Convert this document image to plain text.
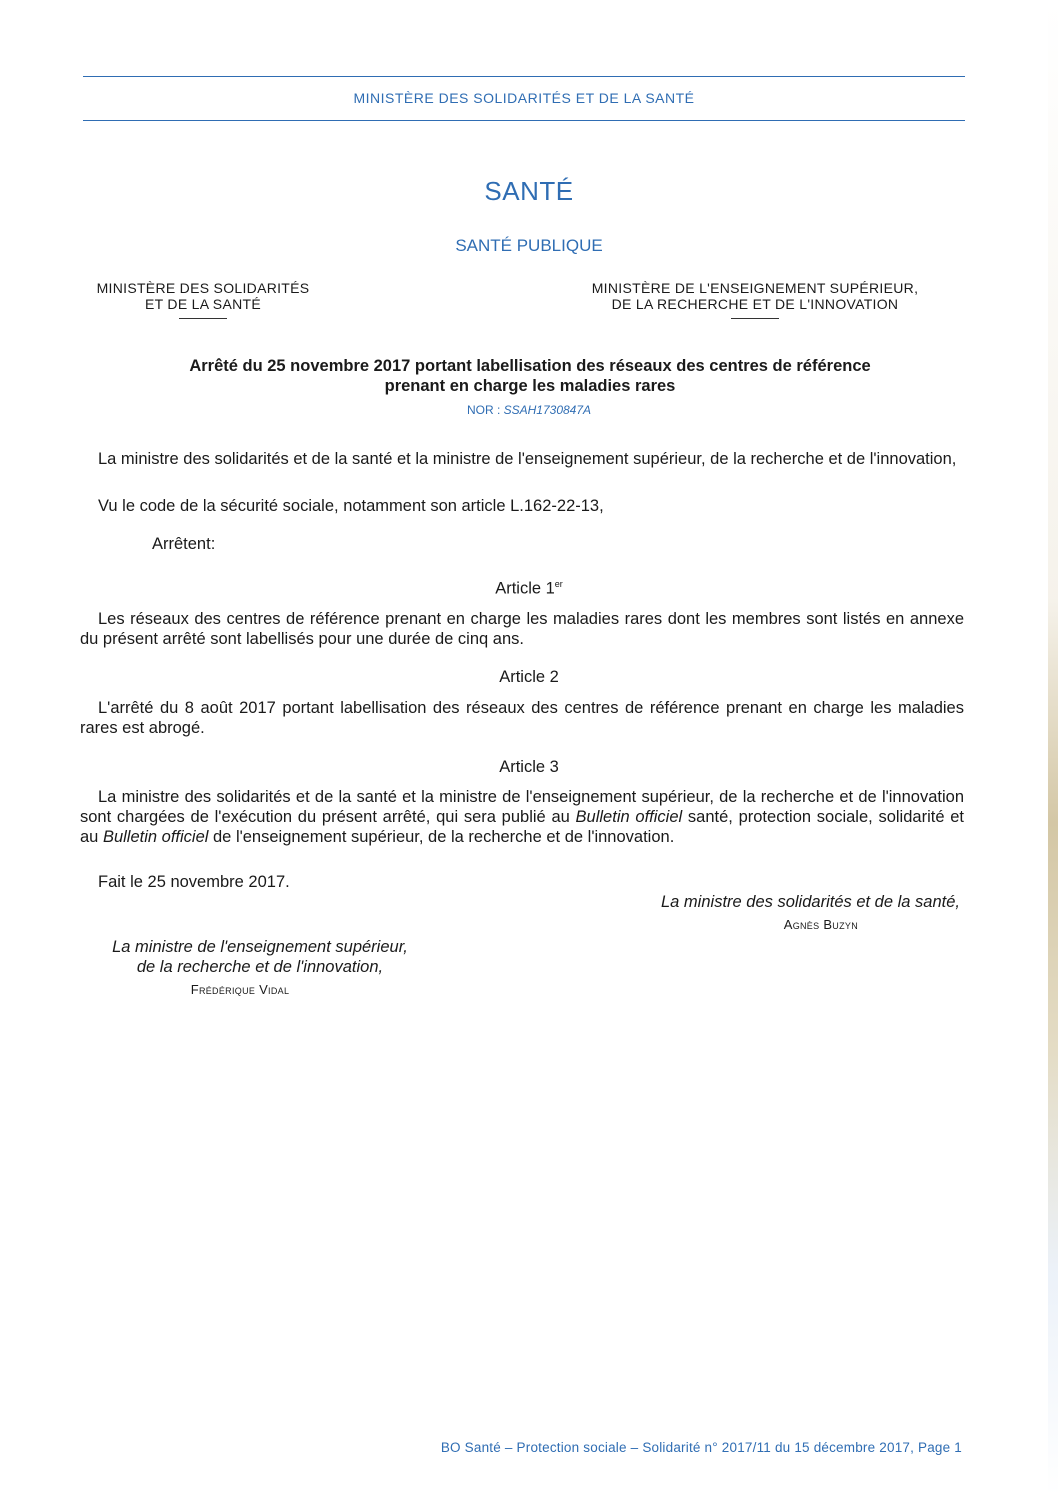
MINISTÈRE DES SOLIDARITÉS ET DE LA SANTÉ
SANTÉ
SANTÉ PUBLIQUE
MINISTÈRE DES SOLIDARITÉS
ET DE LA SANTÉ
MINISTÈRE DE L'ENSEIGNEMENT SUPÉRIEUR,
DE LA RECHERCHE ET DE L'INNOVATION
Arrêté du 25 novembre 2017 portant labellisation des réseaux des centres de référence
prenant en charge les maladies rares
NOR : SSAH1730847A
La ministre des solidarités et de la santé et la ministre de l'enseignement supérieur, de la recherche et de l'innovation,
Vu le code de la sécurité sociale, notamment son article L.162-22-13,
Arrêtent:
Article 1er
Les réseaux des centres de référence prenant en charge les maladies rares dont les membres sont listés en annexe du présent arrêté sont labellisés pour une durée de cinq ans.
Article 2
L'arrêté du 8 août 2017 portant labellisation des réseaux des centres de référence prenant en charge les maladies rares est abrogé.
Article 3
La ministre des solidarités et de la santé et la ministre de l'enseignement supérieur, de la recherche et de l'innovation sont chargées de l'exécution du présent arrêté, qui sera publié au Bulletin officiel santé, protection sociale, solidarité et au Bulletin officiel de l'enseignement supérieur, de la recherche et de l'innovation.
Fait le 25 novembre 2017.
La ministre des solidarités et de la santé,
Agnès Buzyn
La ministre de l'enseignement supérieur,
de la recherche et de l'innovation,
Frédérique Vidal
BO Santé – Protection sociale – Solidarité n° 2017/11 du 15 décembre 2017, Page 1
